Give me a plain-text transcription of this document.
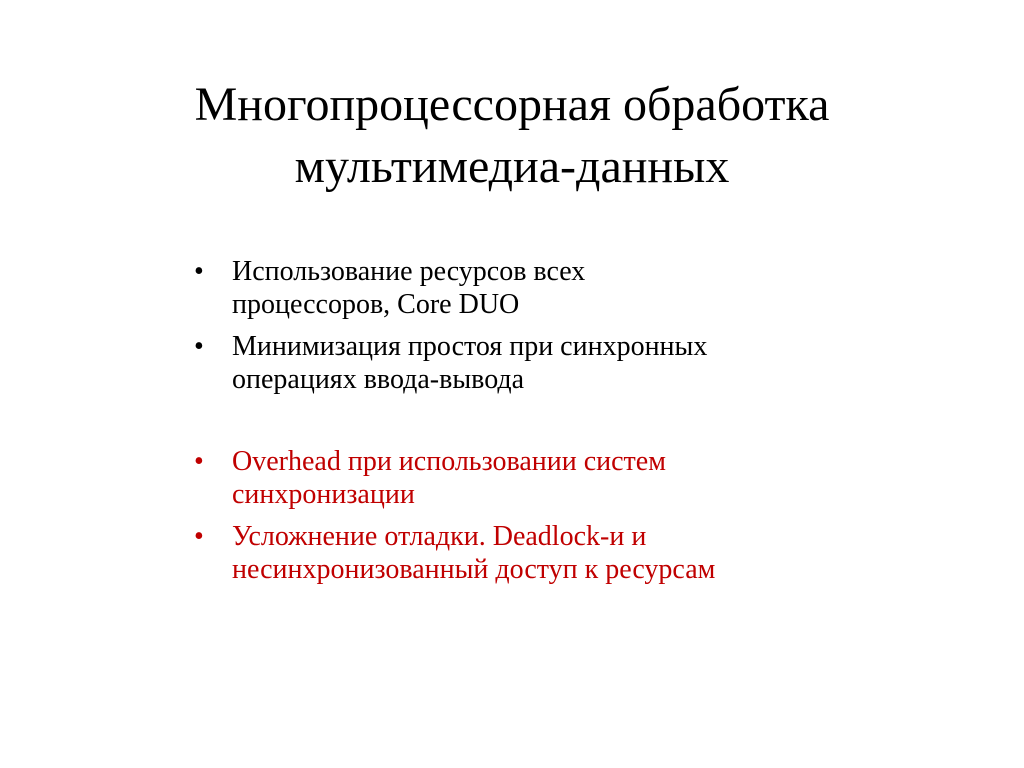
Многопроцессорная обработка
мультимедиа-данных
•	Использование ресурсов всех
процессоров, Core DUO
•	Минимизация простоя при синхронных
операциях ввода-вывода
•	Overhead при использовании систем
синхронизации
•	Усложнение отладки. Deadlock-и и
несинхронизованный доступ к ресурсам
